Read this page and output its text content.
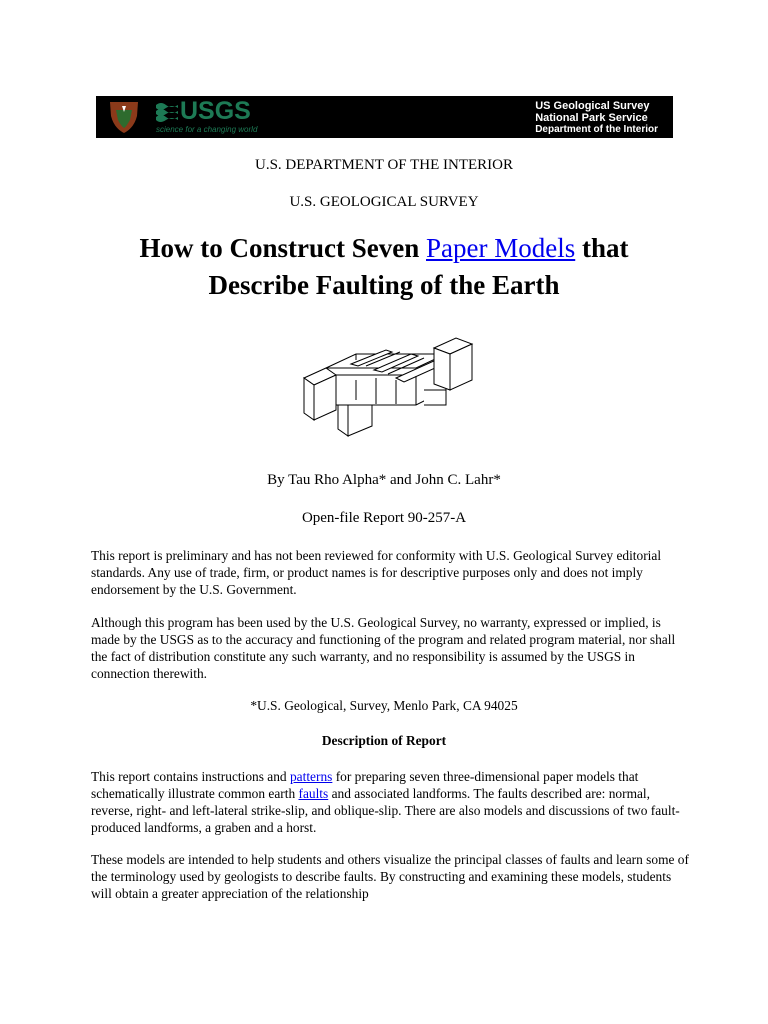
USGS
science for a changing world
US Geological Survey
National Park Service
Department of the Interior
U.S. DEPARTMENT OF THE INTERIOR
U.S. GEOLOGICAL SURVEY
How to Construct Seven Paper Models that
Describe Faulting of the Earth
By Tau Rho Alpha* and John C. Lahr*
Open-file Report 90-257-A
This report is preliminary and has not been reviewed for conformity with U.S. Geological Survey editorial standards. Any use of trade, firm, or product names is for descriptive purposes only and does not imply endorsement by the U.S. Government.
Although this program has been used by the U.S. Geological Survey, no warranty, expressed or implied, is made by the USGS as to the accuracy and functioning of the program and related program material, nor shall the fact of distribution constitute any such warranty, and no responsibility is assumed by the USGS in connection therewith.
*U.S. Geological, Survey, Menlo Park, CA 94025
Description of Report
This report contains instructions and patterns for preparing seven three-dimensional paper models that schematically illustrate common earth faults and associated landforms. The faults described are: normal, reverse, right- and left-lateral strike-slip, and oblique-slip. There are also models and discussions of two fault-produced landforms, a graben and a horst.
These models are intended to help students and others visualize the principal classes of faults and learn some of the terminology used by geologists to describe faults. By constructing and examining these models, students will obtain a greater appreciation of the relationship
